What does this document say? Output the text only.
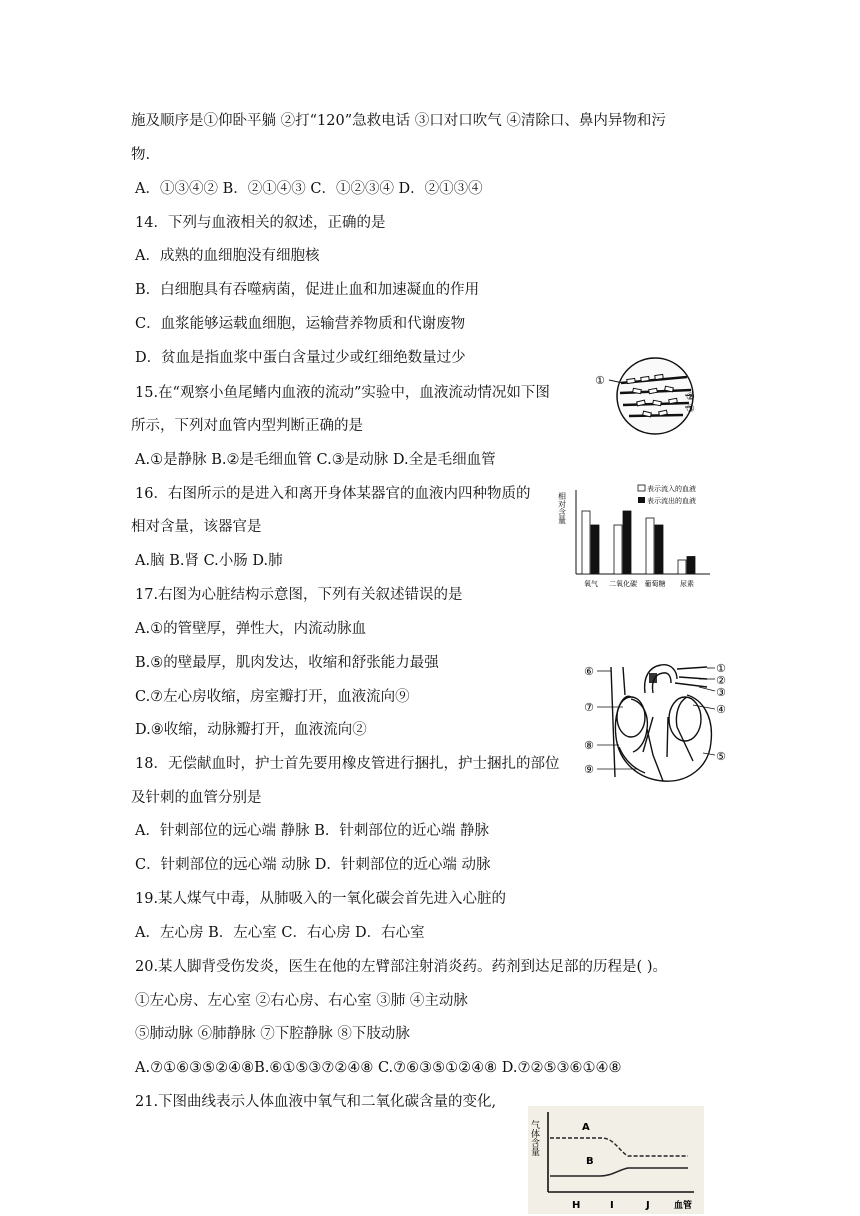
施及顺序是①仰卧平躺 ②打“120”急救电话 ③口对口吹气 ④清除口、鼻内异物和污
物.
A．①③④② B．②①④③ C．①②③④ D．②①③④
14．下列与血液相关的叙述，正确的是
A．成熟的血细胞没有细胞核
B．白细胞具有吞噬病菌，促进止血和加速凝血的作用
C．血浆能够运载血细胞，运输营养物质和代谢废物
D．贫血是指血浆中蛋白含量过少或红细绝数量过少
15.在“观察小鱼尾鳍内血液的流动”实验中，血液流动情况如下图
所示，下列对血管内型判断正确的是
A.①是静脉 B.②是毛细血管 C.③是动脉 D.全是毛细血管
①
②
③
16．右图所示的是进入和离开身体某器官的血液内四种物质的
相对含量，该器官是
A.脑 B.肾 C.小肠 D.肺
相对含量
表示流入的血液
表示流出的血液
氧气 二氧化碳 葡萄糖 尿素
17.右图为心脏结构示意图，下列有关叙述错误的是
A.①的管壁厚，弹性大，内流动脉血
B.⑤的壁最厚，肌肉发达，收缩和舒张能力最强
C.⑦左心房收缩，房室瓣打开，血液流向⑨
D.⑨收缩，动脉瓣打开，血液流向②
①
②
③
④
⑤
⑥
⑦
⑧
⑨
18．无偿献血时，护士首先要用橡皮管进行捆扎，护士捆扎的部位
及针刺的血管分别是
A．针刺部位的远心端 静脉 B．针刺部位的近心端 静脉
C．针刺部位的远心端 动脉 D．针刺部位的近心端 动脉
19.某人煤气中毒，从肺吸入的一氧化碳会首先进入心脏的
A．左心房 B．左心室 C．右心房 D．右心室
20.某人脚背受伤发炎，医生在他的左臂部注射消炎药。药剂到达足部的历程是( )。
①左心房、左心室 ②右心房、右心室 ③肺 ④主动脉
⑤肺动脉 ⑥肺静脉 ⑦下腔静脉 ⑧下肢动脉
A.⑦①⑥③⑤②④⑧B.⑥①⑤③⑦②④⑧ C.⑦⑥③⑤①②④⑧ D.⑦②⑤③⑥①④⑧
21.下图曲线表示人体血液中氧气和二氧化碳含量的变化,
气体含量	A
B
H	I	J	血管
